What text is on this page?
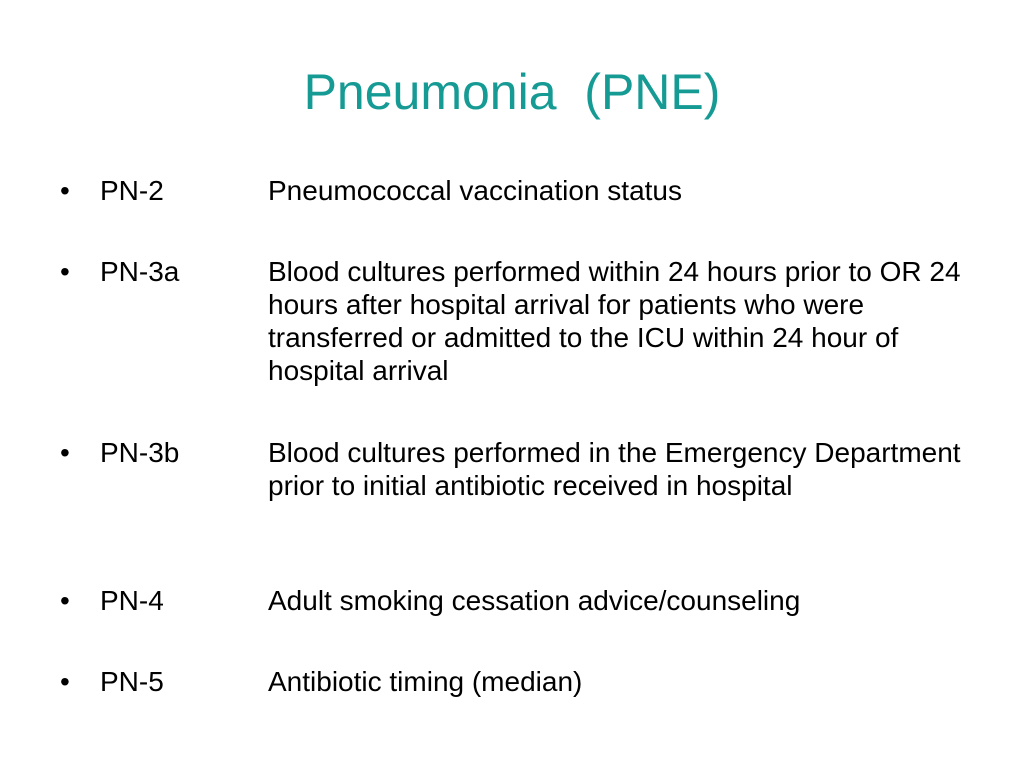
Pneumonia  (PNE)
• PN-2	Pneumococcal vaccination status
• PN-3a	Blood cultures performed within 24 hours prior to OR 24 hours after hospital arrival for patients who were transferred or admitted to the ICU within 24 hour of hospital arrival
• PN-3b	Blood cultures performed in the Emergency Department prior to initial antibiotic received in hospital
• PN-4	Adult smoking cessation advice/counseling
• PN-5	Antibiotic timing (median)
